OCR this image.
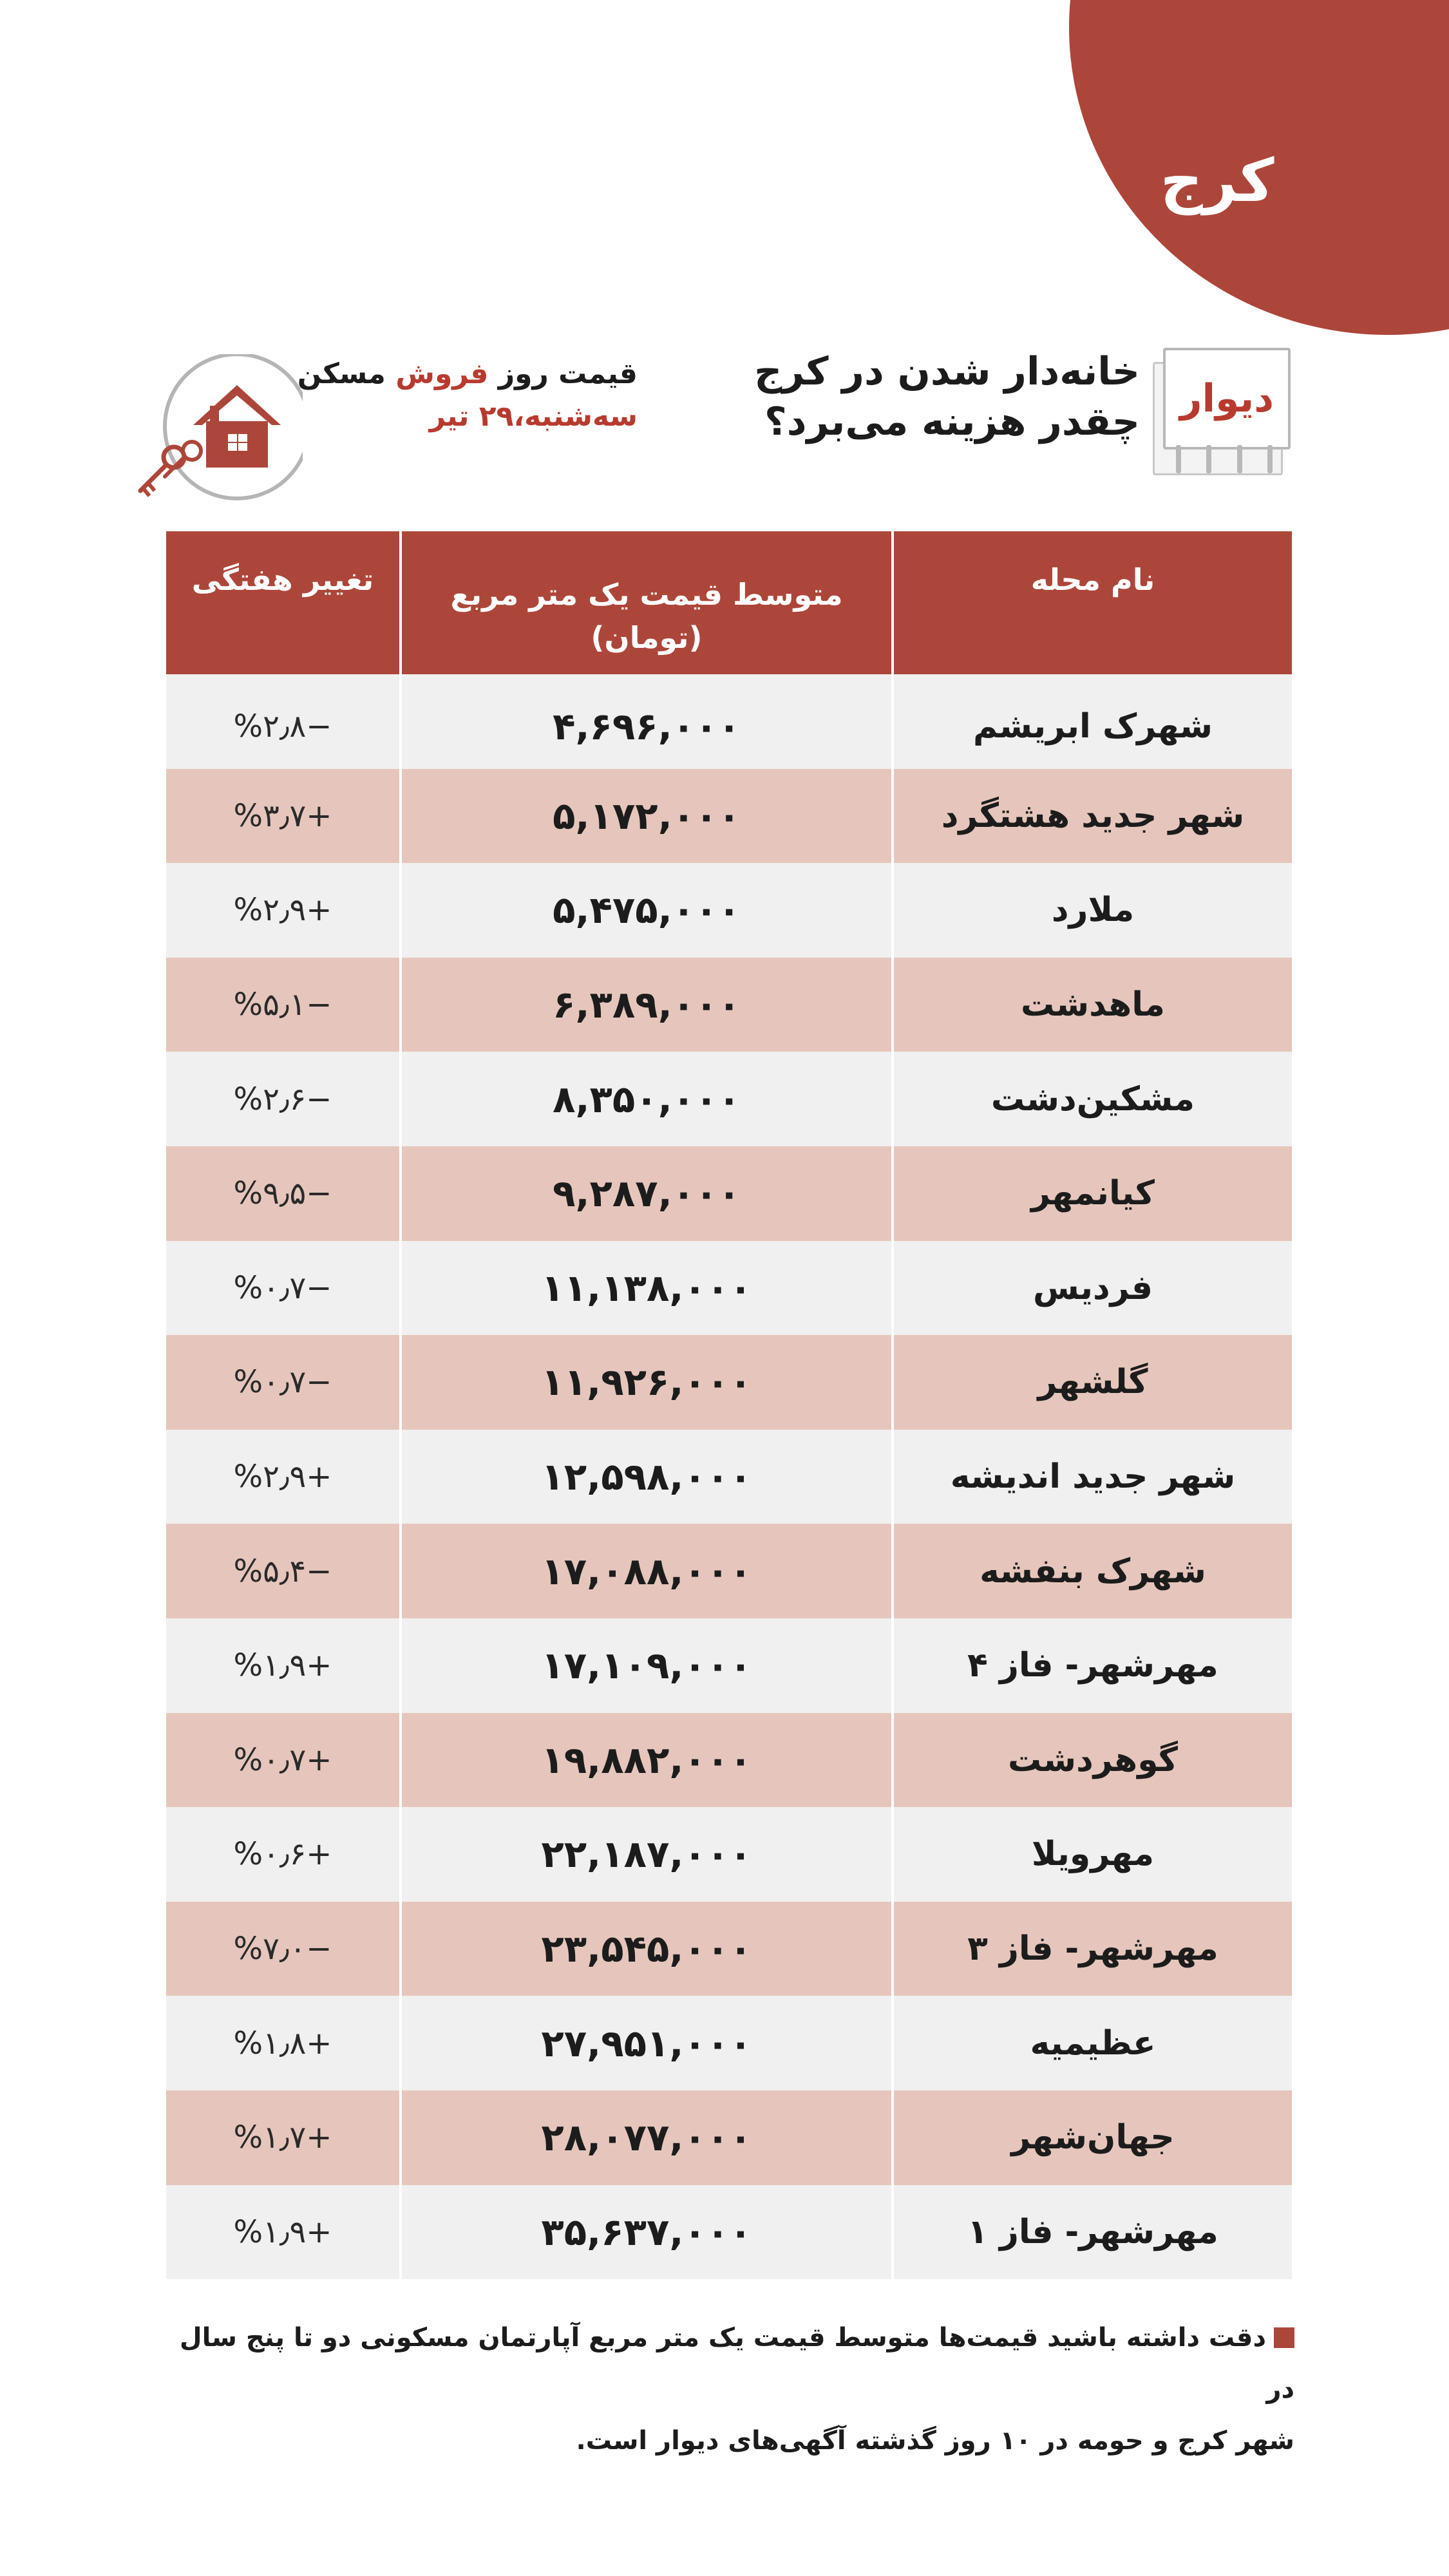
کرج
دیوار
خانه‌دار شدن در کرج
چقدر هزینه می‌برد؟
قیمت روز فروش مسکن
سه‌شنبه،۲۹ تیر
نام محله
متوسط قیمت یک متر مربع
(تومان)
تغییر هفتگی
شهرک ابریشم
۴,۶۹۶,۰۰۰
−%۲٫۸
شهر جدید هشتگرد
۵,۱۷۲,۰۰۰
+%۳٫۷
ملارد
۵,۴۷۵,۰۰۰
+%۲٫۹
ماهدشت
۶,۳۸۹,۰۰۰
−%۵٫۱
مشکین‌دشت
۸,۳۵۰,۰۰۰
−%۲٫۶
کیانمهر
۹,۲۸۷,۰۰۰
−%۹٫۵
فردیس
۱۱,۱۳۸,۰۰۰
−%۰٫۷
گلشهر
۱۱,۹۲۶,۰۰۰
−%۰٫۷
شهر جدید اندیشه
۱۲,۵۹۸,۰۰۰
+%۲٫۹
شهرک بنفشه
۱۷,۰۸۸,۰۰۰
−%۵٫۴
مهرشهر- فاز ۴
۱۷,۱۰۹,۰۰۰
+%۱٫۹
گوهردشت
۱۹,۸۸۲,۰۰۰
+%۰٫۷
مهرویلا
۲۲,۱۸۷,۰۰۰
+%۰٫۶
مهرشهر- فاز ۳
۲۳,۵۴۵,۰۰۰
−%۷٫۰
عظیمیه
۲۷,۹۵۱,۰۰۰
+%۱٫۸
جهان‌شهر
۲۸,۰۷۷,۰۰۰
+%۱٫۷
مهرشهر- فاز ۱
۳۵,۶۳۷,۰۰۰
+%۱٫۹
دقت داشته باشید قیمت‌ها متوسط قیمت یک متر مربع آپارتمان مسکونی دو تا پنج سال در
شهر کرج و حومه در ۱۰ روز گذشته آگهی‌های دیوار است.
